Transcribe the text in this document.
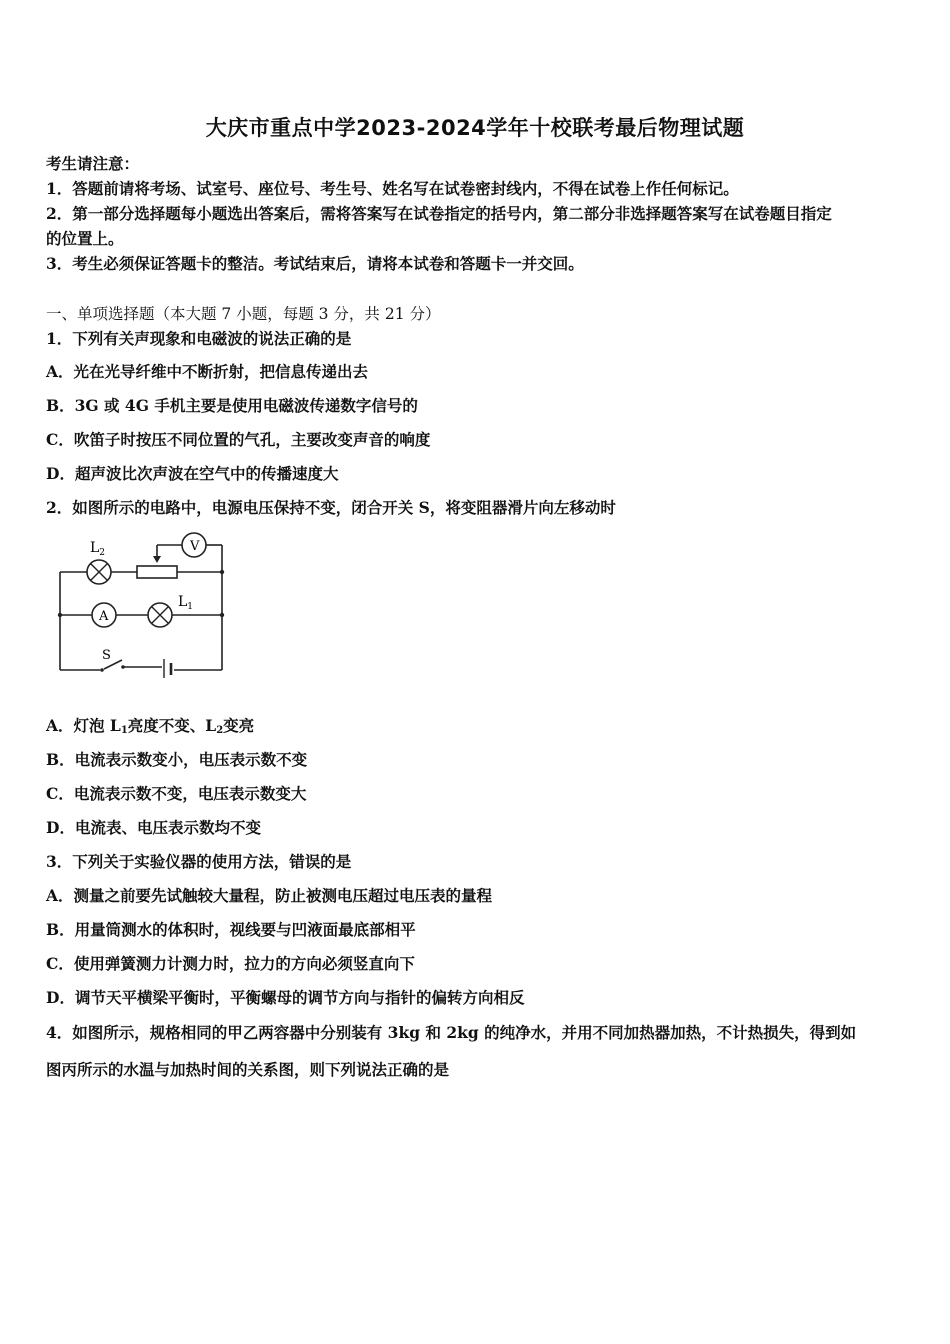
大庆市重点中学2023-2024学年十校联考最后物理试题
考生请注意：
1．答题前请将考场、试室号、座位号、考生号、姓名写在试卷密封线内，不得在试卷上作任何标记。
2．第一部分选择题每小题选出答案后，需将答案写在试卷指定的括号内，第二部分非选择题答案写在试卷题目指定
的位置上。
3．考生必须保证答题卡的整洁。考试结束后，请将本试卷和答题卡一并交回。
一、单项选择题（本大题 7 小题，每题 3 分，共 21 分）
1．下列有关声现象和电磁波的说法正确的是
A．光在光导纤维中不断折射，把信息传递出去
B．3G 或 4G 手机主要是使用电磁波传递数字信号的
C．吹笛子时按压不同位置的气孔，主要改变声音的响度
D．超声波比次声波在空气中的传播速度大
2．如图所示的电路中，电源电压保持不变，闭合开关 S，将变阻器滑片向左移动时
V
A
$L_2$
$L_1$
S
A．灯泡 $L_1$亮度不变、$L_2$变亮
B．电流表示数变小，电压表示数不变
C．电流表示数不变，电压表示数变大
D．电流表、电压表示数均不变
3．下列关于实验仪器的使用方法，错误的是
A．测量之前要先试触较大量程，防止被测电压超过电压表的量程
B．用量筒测水的体积时，视线要与凹液面最底部相平
C．使用弹簧测力计测力时，拉力的方向必须竖直向下
D．调节天平横梁平衡时，平衡螺母的调节方向与指针的偏转方向相反
4．如图所示，规格相同的甲乙两容器中分别装有 3kg 和 2kg 的纯净水，并用不同加热器加热，不计热损失，得到如
图丙所示的水温与加热时间的关系图，则下列说法正确的是
